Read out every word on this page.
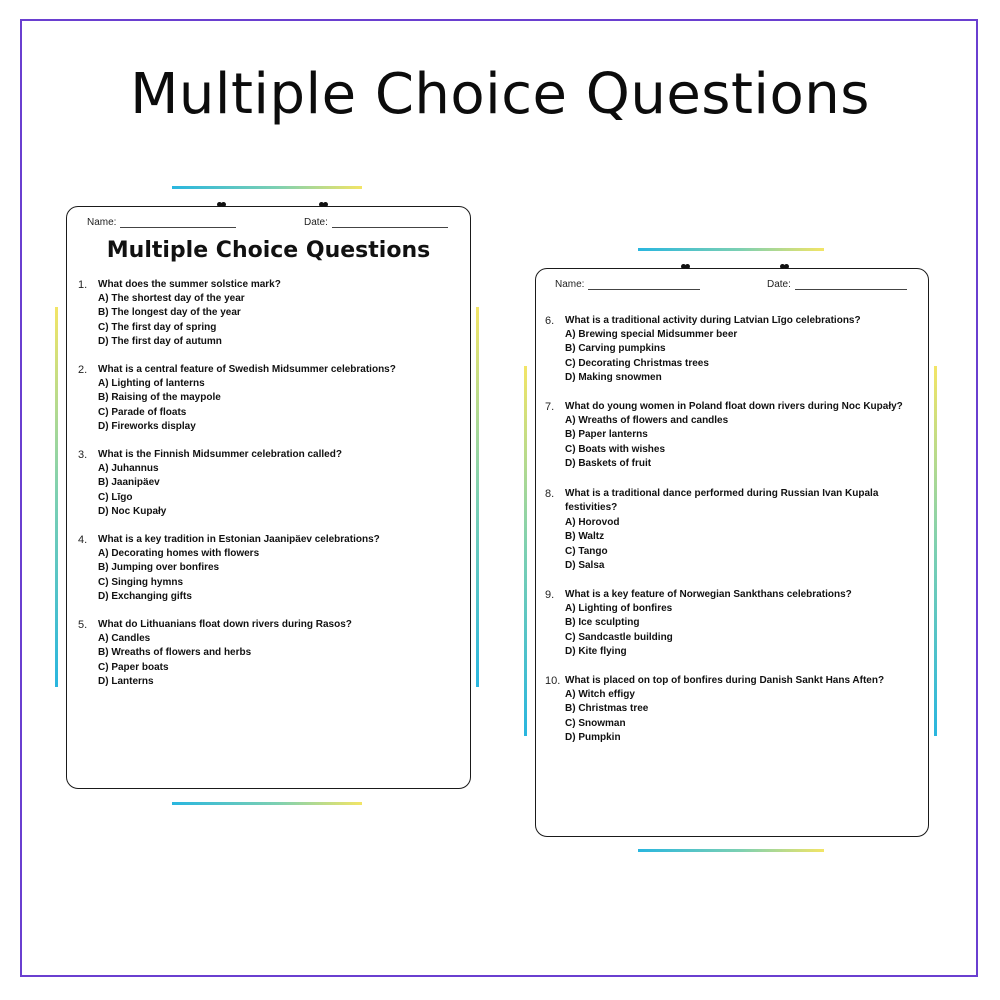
Multiple Choice Questions
Name:	Date:
Multiple Choice Questions
1. What does the summer solstice mark?
A) The shortest day of the year
B) The longest day of the year
C) The first day of spring
D) The first day of autumn
2. What is a central feature of Swedish Midsummer celebrations?
A) Lighting of lanterns
B) Raising of the maypole
C) Parade of floats
D) Fireworks display
3. What is the Finnish Midsummer celebration called?
A) Juhannus
B) Jaanipäev
C) Līgo
D) Noc Kupały
4. What is a key tradition in Estonian Jaanipäev celebrations?
A) Decorating homes with flowers
B) Jumping over bonfires
C) Singing hymns
D) Exchanging gifts
5. What do Lithuanians float down rivers during Rasos?
A) Candles
B) Wreaths of flowers and herbs
C) Paper boats
D) Lanterns
Name:	Date:
6. What is a traditional activity during Latvian Līgo celebrations?
A) Brewing special Midsummer beer
B) Carving pumpkins
C) Decorating Christmas trees
D) Making snowmen
7. What do young women in Poland float down rivers during Noc Kupały?
A) Wreaths of flowers and candles
B) Paper lanterns
C) Boats with wishes
D) Baskets of fruit
8. What is a traditional dance performed during Russian Ivan Kupala festivities?
A) Horovod
B) Waltz
C) Tango
D) Salsa
9. What is a key feature of Norwegian Sankthans celebrations?
A) Lighting of bonfires
B) Ice sculpting
C) Sandcastle building
D) Kite flying
10. What is placed on top of bonfires during Danish Sankt Hans Aften?
A) Witch effigy
B) Christmas tree
C) Snowman
D) Pumpkin
